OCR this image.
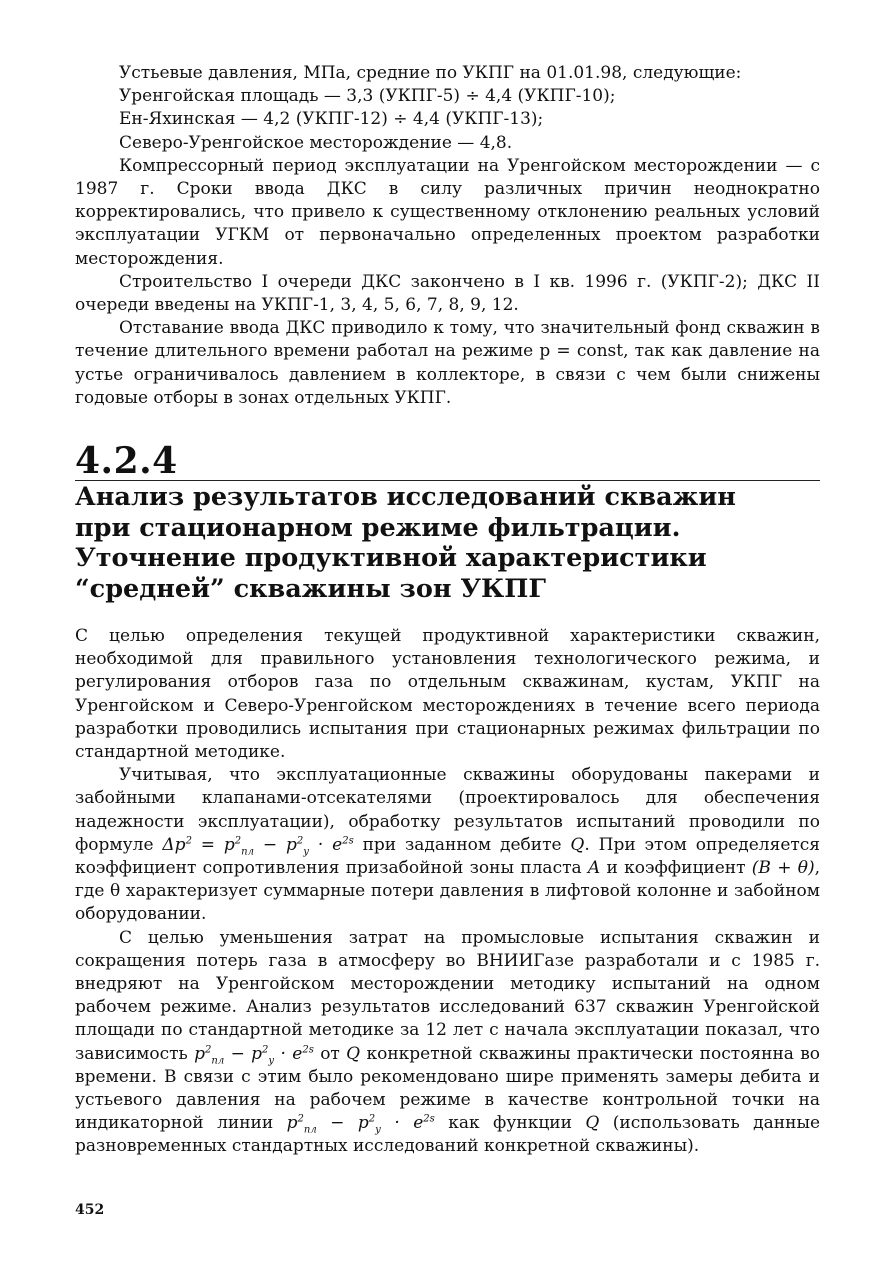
Устьевые давления, МПа, средние по УКПГ на 01.01.98, следующие:

Уренгойская площадь — 3,3 (УКПГ-5) ÷ 4,4 (УКПГ-10);

Ен-Яхинская — 4,2 (УКПГ-12) ÷ 4,4 (УКПГ-13);

Северо-Уренгойское месторождение — 4,8.

Компрессорный период эксплуатации на Уренгойском месторождении — с 1987 г. Сроки ввода ДКС в силу различных причин неоднократно корректировались, что привело к существенному отклонению реальных условий эксплуатации УГКМ от первоначально определенных проектом разработки месторождения.

Строительство I очереди ДКС закончено в I кв. 1996 г. (УКПГ-2); ДКС II очереди введены на УКПГ-1, 3, 4, 5, 6, 7, 8, 9, 12.

Отставание ввода ДКС приводило к тому, что значительный фонд скважин в течение длительного времени работал на режиме p = const, так как давление на устье ограничивалось давлением в коллекторе, в связи с чем были снижены годовые отборы в зонах отдельных УКПГ.

4.2.4

Анализ результатов исследований скважин
при стационарном режиме фильтрации.
Уточнение продуктивной характеристики
“средней” скважины зон УКПГ

С целью определения текущей продуктивной характеристики скважин, необходимой для правильного установления технологического режима, и регулирования отборов газа по отдельным скважинам, кустам, УКПГ на Уренгойском и Северо-Уренгойском месторождениях в течение всего периода разработки проводились испытания при стационарных режимах фильтрации по стандартной методике.

Учитывая, что эксплуатационные скважины оборудованы пакерами и забойными клапанами-отсекателями (проектировалось для обеспечения надежности эксплуатации), обработку результатов испытаний проводили по формуле $\Delta p^2 = p^2_{пл} - p^2_у \cdot e^{2s}$ при заданном дебите Q. При этом определяется коэффициент сопротивления призабойной зоны пласта A и коэффициент (B + θ), где θ характеризует суммарные потери давления в лифтовой колонне и забойном оборудовании.

С целью уменьшения затрат на промысловые испытания скважин и сокращения потерь газа в атмосферу во ВНИИГазе разработали и с 1985 г. внедряют на Уренгойском месторождении методику испытаний на одном рабочем режиме. Анализ результатов исследований 637 скважин Уренгойской площади по стандартной методике за 12 лет с начала эксплуатации показал, что зависимость $p^2_{пл} - p^2_у \cdot e^{2s}$ от Q конкретной скважины практически постоянна во времени. В связи с этим было рекомендовано шире применять замеры дебита и устьевого давления на рабочем режиме в качестве контрольной точки на индикаторной линии $p^2_{пл} - p^2_у \cdot e^{2s}$ как функции Q (использовать данные разновременных стандартных исследований конкретной скважины).

452
